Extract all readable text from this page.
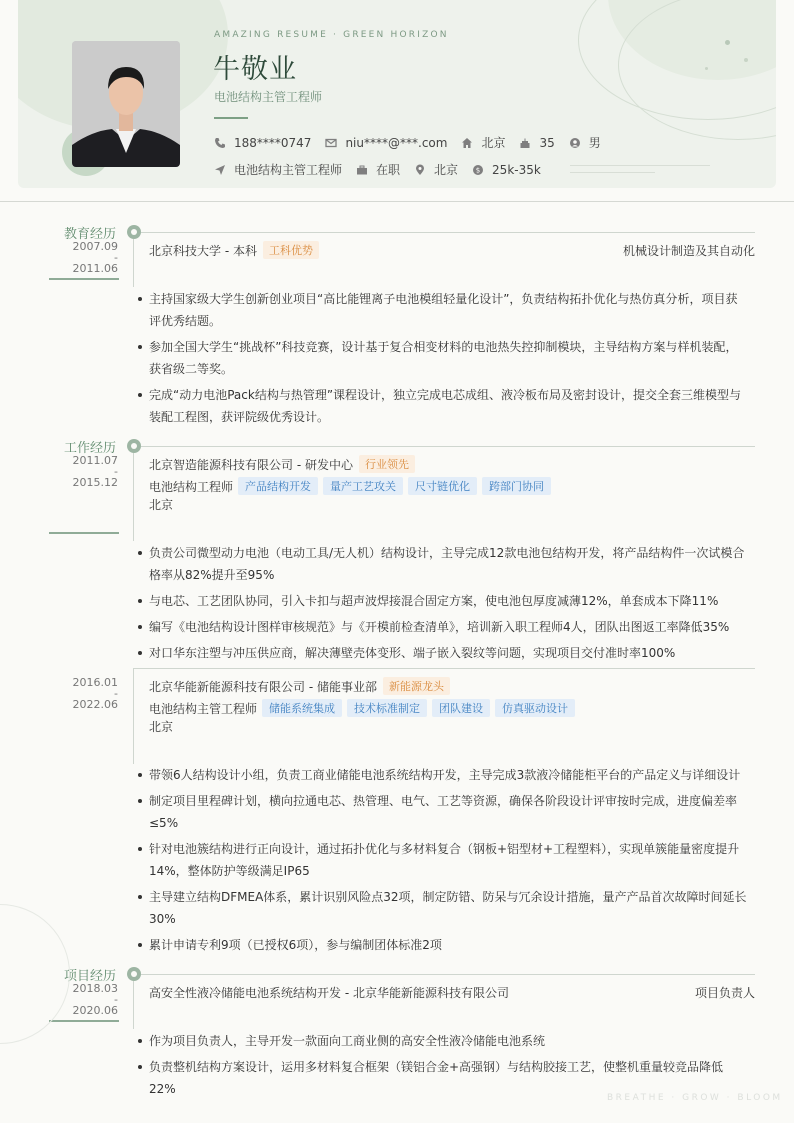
AMAZING RESUME · GREEN HORIZON
牛敬业
电池结构主管工程师
188****0747	niu****@***.com	北京	35	男
电池结构主管工程师	在职	北京	$ 25k-35k
教育经历
2007.09
-
2011.06
北京科技大学 - 本科	工科优势	机械设计制造及其自动化
主持国家级大学生创新创业项目“高比能锂离子电池模组轻量化设计”，负责结构拓扑优化与热仿真分析，项目获评优秀结题。
参加全国大学生“挑战杯”科技竞赛，设计基于复合相变材料的电池热失控抑制模块，主导结构方案与样机装配，获省级二等奖。
完成“动力电池Pack结构与热管理”课程设计，独立完成电芯成组、液冷板布局及密封设计，提交全套三维模型与装配工程图，获评院级优秀设计。
工作经历
2011.07
-
2015.12
北京智造能源科技有限公司 - 研发中心	行业领先
电池结构工程师	产品结构开发	量产工艺攻关	尺寸链优化	跨部门协同
北京
负责公司微型动力电池（电动工具/无人机）结构设计，主导完成12款电池包结构开发，将产品结构件一次试模合格率从82%提升至95%
与电芯、工艺团队协同，引入卡扣与超声波焊接混合固定方案，使电池包厚度减薄12%，单套成本下降11%
编写《电池结构设计图样审核规范》与《开模前检查清单》，培训新入职工程师4人，团队出图返工率降低35%
对口华东注塑与冲压供应商，解决薄壁壳体变形、端子嵌入裂纹等问题，实现项目交付准时率100%
2016.01
-
2022.06
北京华能新能源科技有限公司 - 储能事业部	新能源龙头
电池结构主管工程师	储能系统集成	技术标准制定	团队建设	仿真驱动设计
北京
带领6人结构设计小组，负责工商业储能电池系统结构开发，主导完成3款液冷储能柜平台的产品定义与详细设计
制定项目里程碑计划，横向拉通电芯、热管理、电气、工艺等资源，确保各阶段设计评审按时完成，进度偏差率≤5%
针对电池簇结构进行正向设计，通过拓扑优化与多材料复合（钢板+铝型材+工程塑料），实现单簇能量密度提升14%，整体防护等级满足IP65
主导建立结构DFMEA体系，累计识别风险点32项，制定防错、防呆与冗余设计措施，量产产品首次故障时间延长30%
累计申请专利9项（已授权6项），参与编制团体标准2项
项目经历
2018.03
-
2020.06
高安全性液冷储能电池系统结构开发 - 北京华能新能源科技有限公司	项目负责人
作为项目负责人，主导开发一款面向工商业侧的高安全性液冷储能电池系统
负责整机结构方案设计，运用多材料复合框架（镁铝合金+高强钢）与结构胶接工艺，使整机重量较竞品降低22%
BREATHE · GROW · BLOOM
